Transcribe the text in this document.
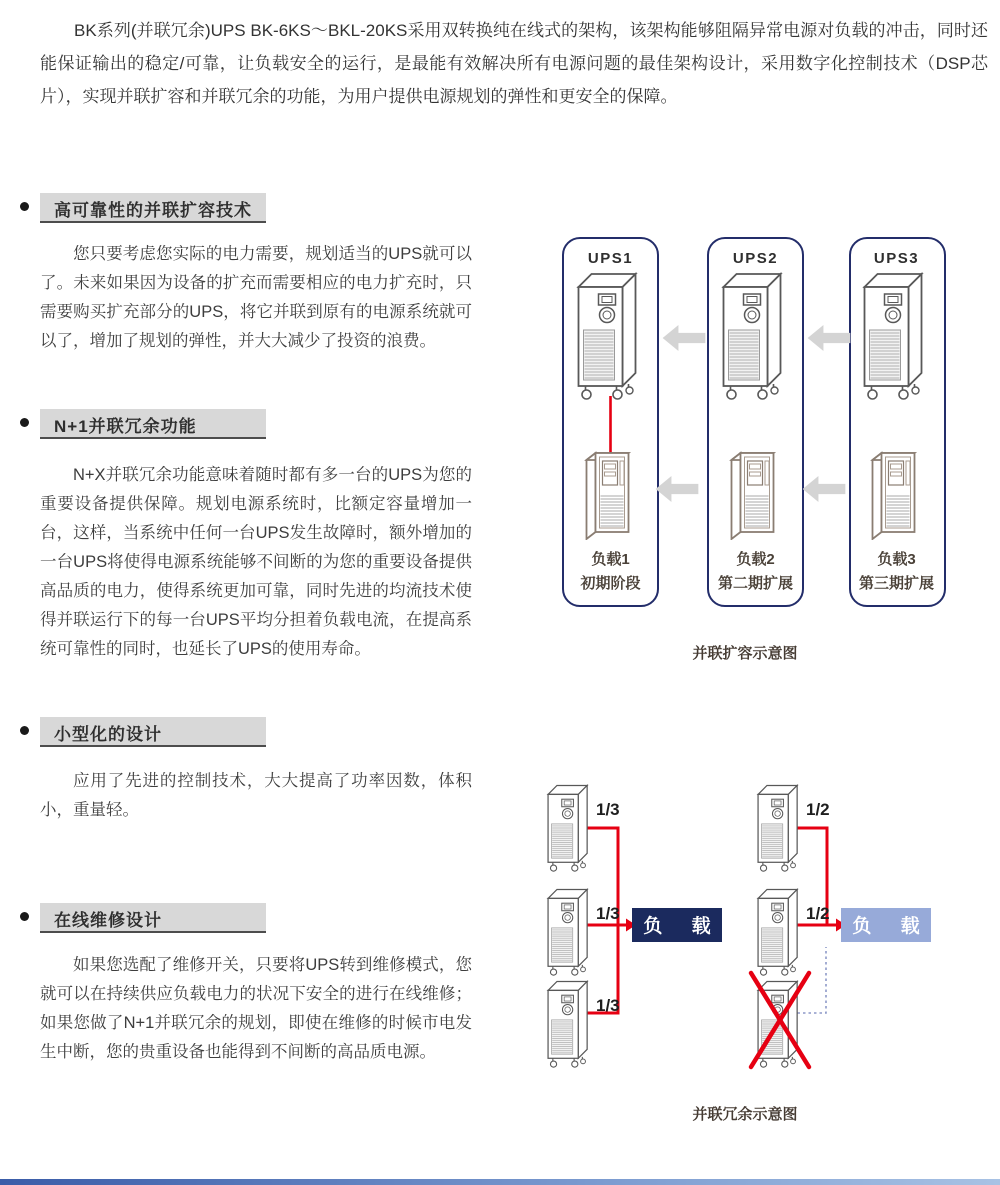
BK系列(并联冗余)UPS BK-6KS～BKL-20KS采用双转换纯在线式的架构，该架构能够阻隔异常电源对负载的冲击，同时还能保证输出的稳定/可靠，让负载安全的运行，是最能有效解决所有电源问题的最佳架构设计，采用数字化控制技术（DSP芯片），实现并联扩容和并联冗余的功能，为用户提供电源规划的弹性和更安全的保障。

高可靠性的并联扩容技术

您只要考虑您实际的电力需要，规划适当的UPS就可以了。未来如果因为设备的扩充而需要相应的电力扩充时，只需要购买扩充部分的UPS，将它并联到原有的电源系统就可以了，增加了规划的弹性，并大大减少了投资的浪费。

N+1并联冗余功能

N+X并联冗余功能意味着随时都有多一台的UPS为您的重要设备提供保障。规划电源系统时，比额定容量增加一台，这样，当系统中任何一台UPS发生故障时，额外增加的一台UPS将使得电源系统能够不间断的为您的重要设备提供高品质的电力，使得系统更加可靠，同时先进的均流技术使得并联运行下的每一台UPS平均分担着负载电流，在提高系统可靠性的同时，也延长了UPS的使用寿命。

小型化的设计

应用了先进的控制技术，大大提高了功率因数，体积小，重量轻。

在线维修设计

如果您选配了维修开关，只要将UPS转到维修模式，您就可以在持续供应负载电力的状况下安全的进行在线维修；如果您做了N+1并联冗余的规划，即使在维修的时候市电发生中断，您的贵重设备也能得到不间断的高品质电源。

UPS1	UPS2	UPS3
负载1
初期阶段
负载2
第二期扩展
负载3
第三期扩展
并联扩容示意图
1/3
1/3
1/3
1/2
1/2
负 载	负 载
并联冗余示意图
